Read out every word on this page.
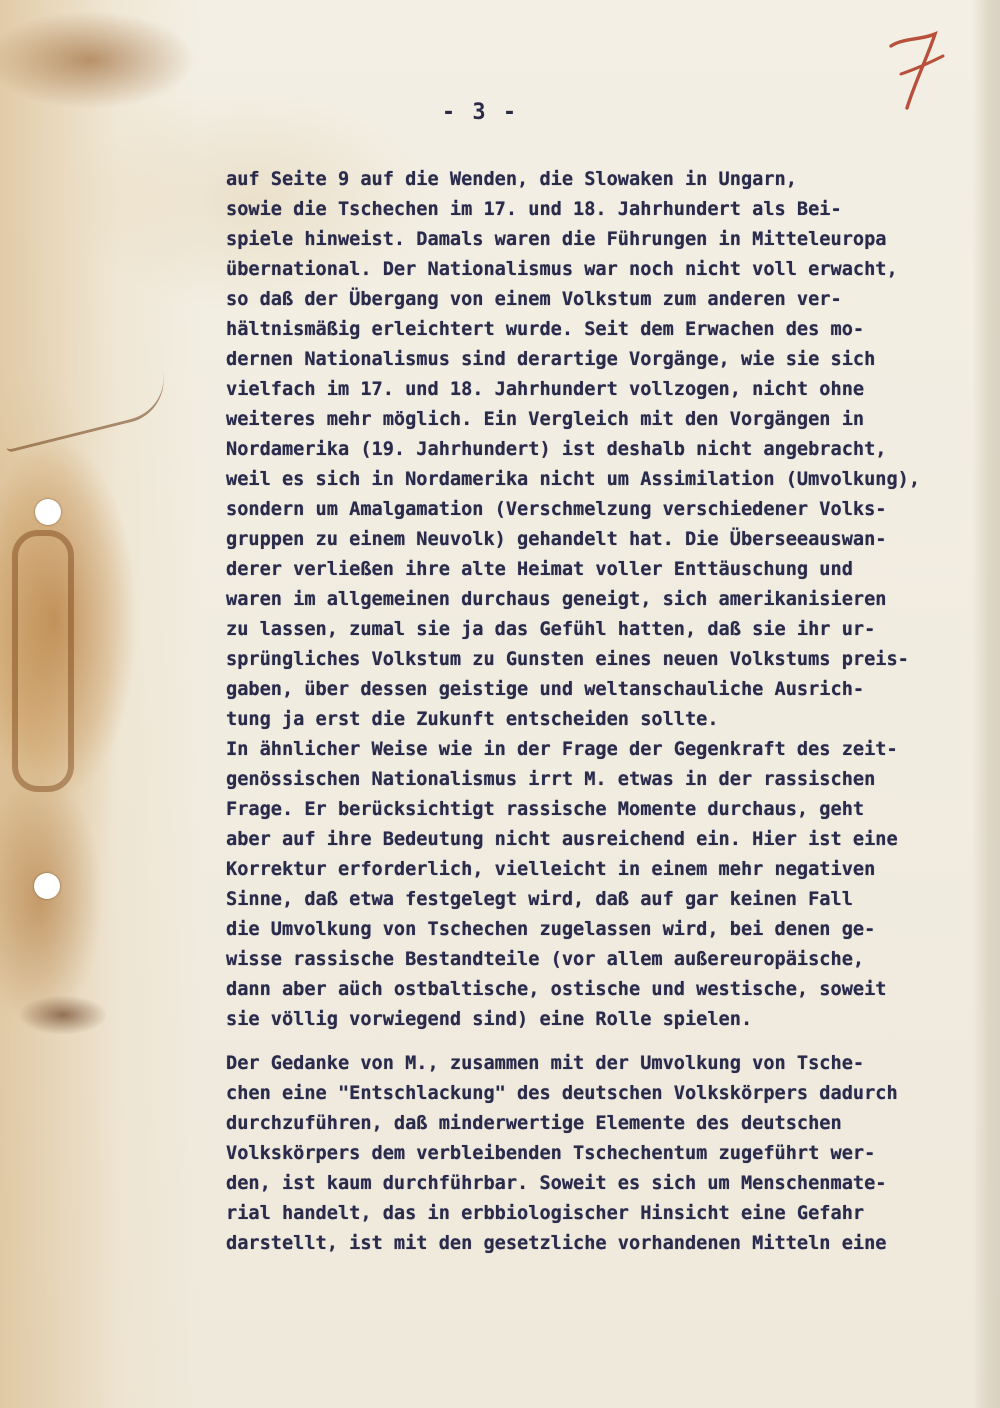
- 3 -
auf Seite 9 auf die Wenden, die Slowaken in Ungarn,
sowie die Tschechen im 17. und 18. Jahrhundert als Bei-
spiele hinweist. Damals waren die Führungen in Mitteleuropa
übernational. Der Nationalismus war noch nicht voll erwacht,
so daß der Übergang von einem Volkstum zum anderen ver-
hältnismäßig erleichtert wurde. Seit dem Erwachen des mo-
dernen Nationalismus sind derartige Vorgänge, wie sie sich
vielfach im 17. und 18. Jahrhundert vollzogen, nicht ohne
weiteres mehr möglich. Ein Vergleich mit den Vorgängen in
Nordamerika (19. Jahrhundert) ist deshalb nicht angebracht,
weil es sich in Nordamerika nicht um Assimilation (Umvolkung),
sondern um Amalgamation (Verschmelzung verschiedener Volks-
gruppen zu einem Neuvolk) gehandelt hat. Die Überseeauswan-
derer verließen ihre alte Heimat voller Enttäuschung und
waren im allgemeinen durchaus geneigt, sich amerikanisieren
zu lassen, zumal sie ja das Gefühl hatten, daß sie ihr ur-
sprüngliches Volkstum zu Gunsten eines neuen Volkstums preis-
gaben, über dessen geistige und weltanschauliche Ausrich-
tung ja erst die Zukunft entscheiden sollte.
In ähnlicher Weise wie in der Frage der Gegenkraft des zeit-
genössischen Nationalismus irrt M. etwas in der rassischen
Frage. Er berücksichtigt rassische Momente durchaus, geht
aber auf ihre Bedeutung nicht ausreichend ein. Hier ist eine
Korrektur erforderlich, vielleicht in einem mehr negativen
Sinne, daß etwa festgelegt wird, daß auf gar keinen Fall
die Umvolkung von Tschechen zugelassen wird, bei denen ge-
wisse rassische Bestandteile (vor allem außereuropäische,
dann aber aüch ostbaltische, ostische und westische, soweit
sie völlig vorwiegend sind) eine Rolle spielen.
Der Gedanke von M., zusammen mit der Umvolkung von Tsche-
chen eine "Entschlackung" des deutschen Volkskörpers dadurch
durchzuführen, daß minderwertige Elemente des deutschen
Volkskörpers dem verbleibenden Tschechentum zugeführt wer-
den, ist kaum durchführbar. Soweit es sich um Menschenmate-
rial handelt, das in erbbiologischer Hinsicht eine Gefahr
darstellt, ist mit den gesetzliche vorhandenen Mitteln eine
